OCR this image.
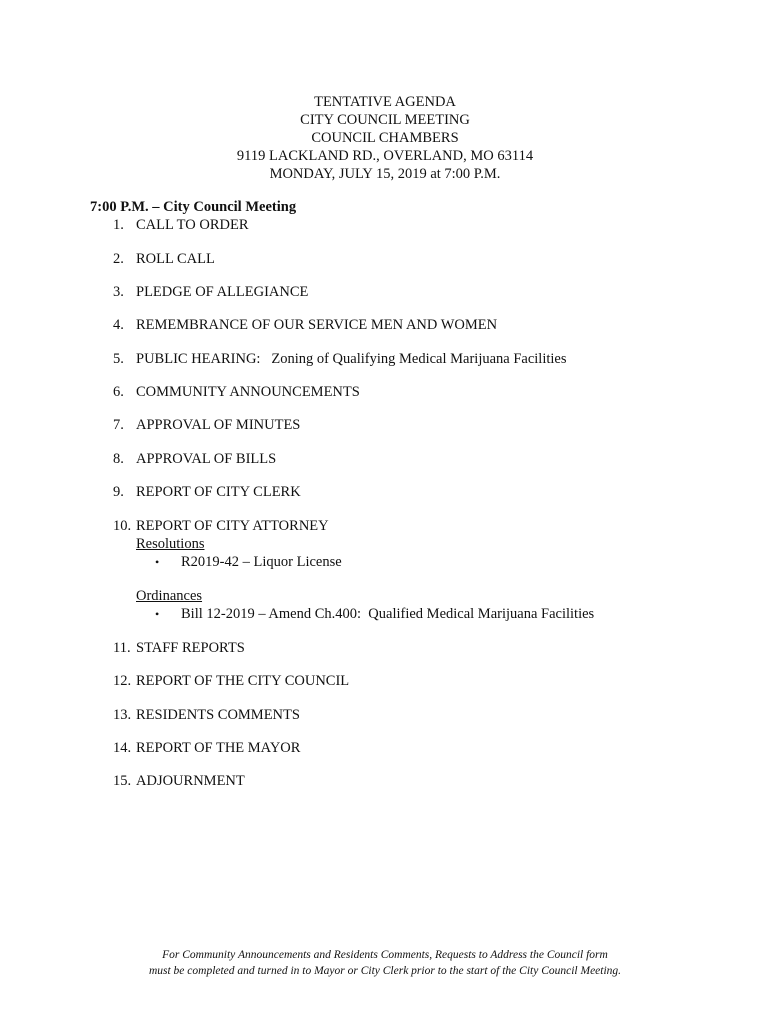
TENTATIVE AGENDA
CITY COUNCIL MEETING
COUNCIL CHAMBERS
9119 LACKLAND RD., OVERLAND, MO 63114
MONDAY, JULY 15, 2019 at 7:00 P.M.
7:00 P.M. – City Council Meeting
1. CALL TO ORDER
2. ROLL CALL
3. PLEDGE OF ALLEGIANCE
4. REMEMBRANCE OF OUR SERVICE MEN AND WOMEN
5. PUBLIC HEARING:   Zoning of Qualifying Medical Marijuana Facilities
6. COMMUNITY ANNOUNCEMENTS
7. APPROVAL OF MINUTES
8. APPROVAL OF BILLS
9. REPORT OF CITY CLERK
10. REPORT OF CITY ATTORNEY
Resolutions
• R2019-42 – Liquor License
Ordinances
• Bill 12-2019 – Amend Ch.400:  Qualified Medical Marijuana Facilities
11. STAFF REPORTS
12. REPORT OF THE CITY COUNCIL
13. RESIDENTS COMMENTS
14. REPORT OF THE MAYOR
15. ADJOURNMENT
For Community Announcements and Residents Comments, Requests to Address the Council form
must be completed and turned in to Mayor or City Clerk prior to the start of the City Council Meeting.
